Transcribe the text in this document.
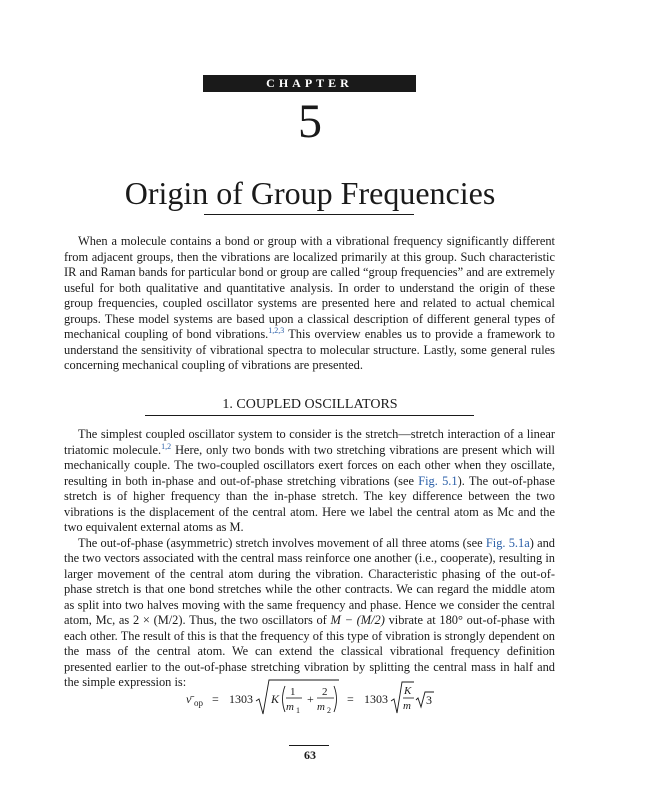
CHAPTER
5
Origin of Group Frequencies

When a molecule contains a bond or group with a vibrational frequency significantly different from adjacent groups, then the vibrations are localized primarily at this group. Such characteristic IR and Raman bands for particular bond or group are called “group frequencies” and are extremely useful for both qualitative and quantitative analysis. In order to understand the origin of these group frequencies, coupled oscillator systems are presented here and related to actual chemical groups. These model systems are based upon a classical description of different general types of mechanical coupling of bond vibrations.$^{1,2,3}$ This overview enables us to provide a framework to understand the sensitivity of vibrational spectra to molecular structure. Lastly, some general rules concerning mechanical coupling of vibrations are presented.

1. COUPLED OSCILLATORS

The simplest coupled oscillator system to consider is the stretch—stretch interaction of a linear triatomic molecule.$^{1,2}$ Here, only two bonds with two stretching vibrations are present which will mechanically couple. The two-coupled oscillators exert forces on each other when they oscillate, resulting in both in-phase and out-of-phase stretching vibrations (see Fig. 5.1). The out-of-phase stretch is of higher frequency than the in-phase stretch. The key difference between the two vibrations is the displacement of the central atom. Here we label the central atom as Mc and the two equivalent external atoms as M.

The out-of-phase (asymmetric) stretch involves movement of all three atoms (see Fig. 5.1a) and the two vectors associated with the central mass reinforce one another (i.e., cooperate), resulting in larger movement of the central atom during the vibration. Characteristic phasing of the out-of-phase stretch is that one bond stretches while the other contracts. We can regard the middle atom as split into two halves moving with the same frequency and phase. Hence we consider the central atom, Mc, as 2 × (M/2). Thus, the two oscillators of M − (M/2) vibrate at 180° out-of-phase with each other. The result of this is that the frequency of this type of vibration is strongly dependent on the mass of the central atom. We can extend the classical vibrational frequency definition presented earlier to the out-of-phase stretching vibration by splitting the central mass in half and the simple expression is:

ν̄ op = 1303 K 1
m 1
+ 2
m 2
= 1303
K
m 3
63
